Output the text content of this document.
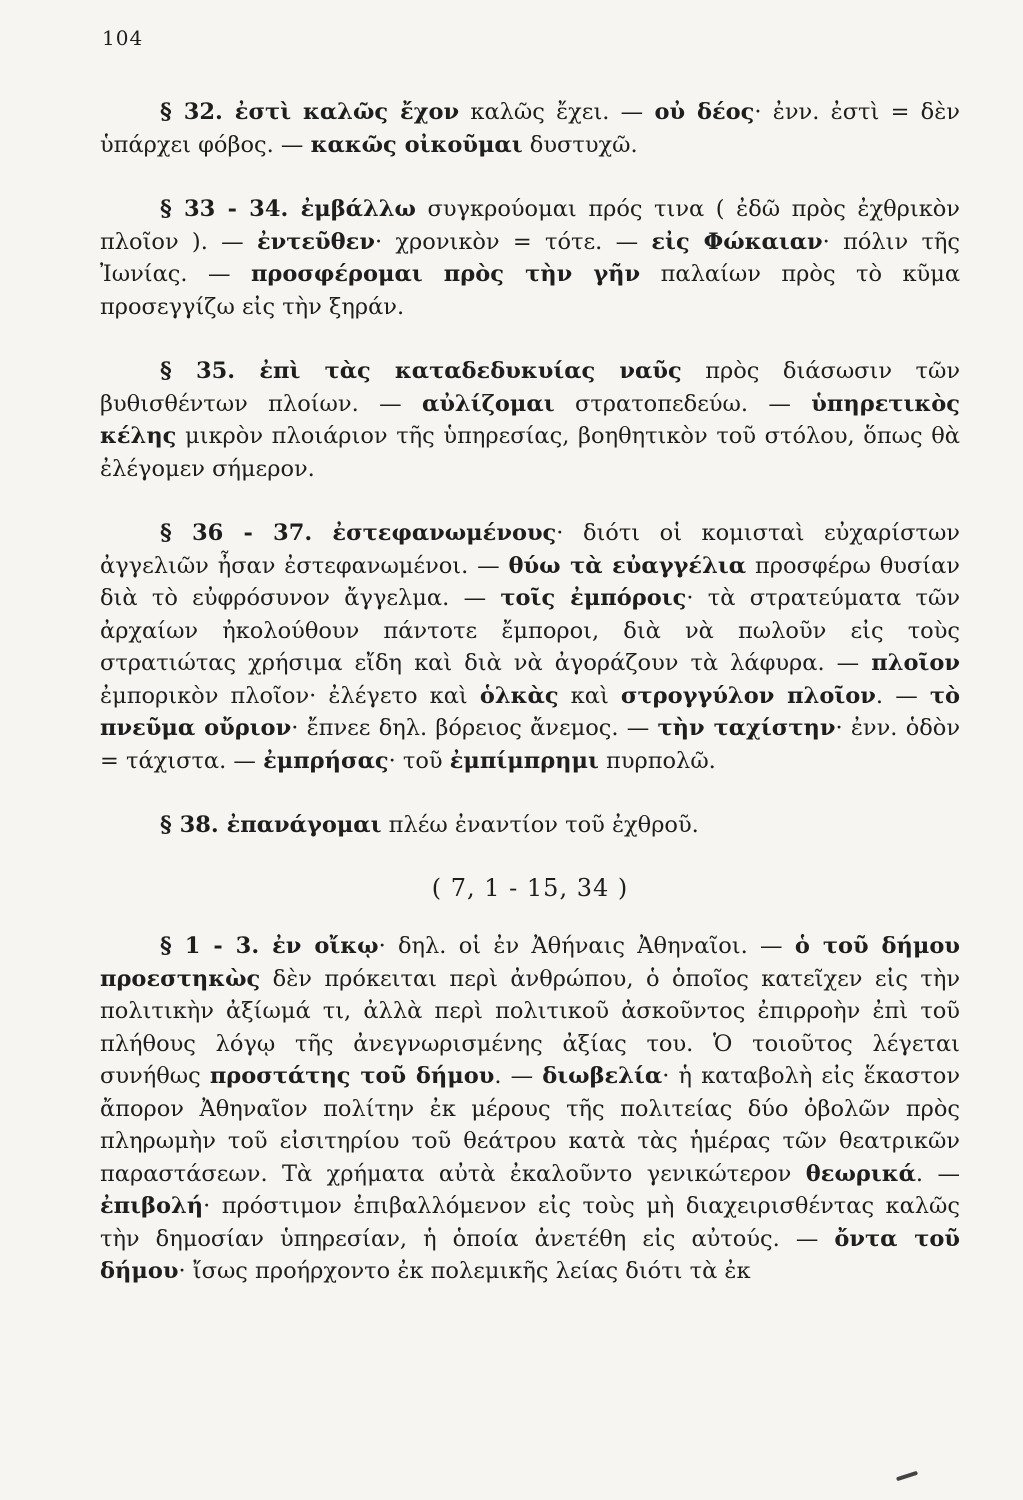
104

§ 32. ἐστὶ καλῶς ἔχον καλῶς ἔχει. — οὐ δέος· ἐνν. ἐστὶ = δὲν ὑπάρχει φόβος. — κακῶς οἰκοῦμαι δυστυχῶ.

§ 33 - 34. ἐμβάλλω συγκρούομαι πρός τινα ( ἐδῶ πρὸς ἐχθρικὸν πλοῖον ). — ἐντεῦθεν· χρονικὸν = τότε. — εἰς Φώκαιαν· πόλιν τῆς Ἰωνίας. — προσφέρομαι πρὸς τὴν γῆν παλαίων πρὸς τὸ κῦμα προσεγγίζω εἰς τὴν ξηράν.

§ 35. ἐπὶ τὰς καταδεδυκυίας ναῦς πρὸς διάσωσιν τῶν βυθισθέντων πλοίων. — αὐλίζομαι στρατοπεδεύω. — ὑπηρετικὸς κέλης μικρὸν πλοιάριον τῆς ὑπηρεσίας, βοηθητικὸν τοῦ στόλου, ὅπως θὰ ἐλέγομεν σήμερον.

§ 36 - 37. ἐστεφανωμένους· διότι οἱ κομισταὶ εὐχαρίστων ἀγγελιῶν ἦσαν ἐστεφανωμένοι. — θύω τὰ εὐαγγέλια προσφέρω θυσίαν διὰ τὸ εὐφρόσυνον ἄγγελμα. — τοῖς ἐμπόροις· τὰ στρατεύματα τῶν ἀρχαίων ἠκολούθουν πάντοτε ἔμποροι, διὰ νὰ πωλοῦν εἰς τοὺς στρατιώτας χρήσιμα εἴδη καὶ διὰ νὰ ἀγοράζουν τὰ λάφυρα. — πλοῖον ἐμπορικὸν πλοῖον· ἐλέγετο καὶ ὁλκὰς καὶ στρογγύλον πλοῖον. — τὸ πνεῦμα οὔριον· ἔπνεε δηλ. βόρειος ἄνεμος. — τὴν ταχίστην· ἐνν. ὁδὸν = τάχιστα. — ἐμπρήσας· τοῦ ἐμπίμπρημι πυρπολῶ.

§ 38. ἐπανάγομαι πλέω ἐναντίον τοῦ ἐχθροῦ.

( 7, 1 - 15, 34 )

§ 1 - 3. ἐν οἴκῳ· δηλ. οἱ ἐν Ἀθήναις Ἀθηναῖοι. — ὁ τοῦ δήμου προεστηκὼς δὲν πρόκειται περὶ ἀνθρώπου, ὁ ὁποῖος κατεῖχεν εἰς τὴν πολιτικὴν ἀξίωμά τι, ἀλλὰ περὶ πολιτικοῦ ἀσκοῦντος ἐπιρροὴν ἐπὶ τοῦ πλήθους λόγῳ τῆς ἀνεγνωρισμένης ἀξίας του. Ὁ τοιοῦτος λέγεται συνήθως προστάτης τοῦ δήμου. — διωβελία· ἡ καταβολὴ εἰς ἕκαστον ἄπορον Ἀθηναῖον πολίτην ἐκ μέρους τῆς πολιτείας δύο ὀβολῶν πρὸς πληρωμὴν τοῦ εἰσιτηρίου τοῦ θεάτρου κατὰ τὰς ἡμέρας τῶν θεατρικῶν παραστάσεων. Τὰ χρήματα αὐτὰ ἐκαλοῦντο γενικώτερον θεωρικά. — ἐπιβολή· πρόστιμον ἐπιβαλλόμενον εἰς τοὺς μὴ διαχειρισθέντας καλῶς τὴν δημοσίαν ὑπηρεσίαν, ἡ ὁποία ἀνετέθη εἰς αὐτούς. — ὄντα τοῦ δήμου· ἴσως προήρχοντο ἐκ πολεμικῆς λείας διότι τὰ ἐκ
